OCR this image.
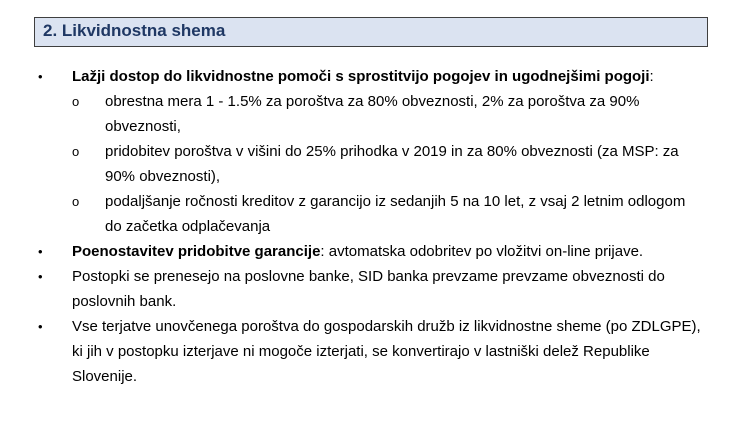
2. Likvidnostna shema
• Lažji dostop do likvidnostne pomoči s sprostitvijo pogojev in ugodnejšimi pogoji:
o obrestna mera 1 - 1.5% za poroštva za 80% obveznosti, 2% za poroštva za 90% obveznosti,
o pridobitev poroštva v višini do 25% prihodka v 2019 in za 80% obveznosti (za MSP: za 90% obveznosti),
o podaljšanje ročnosti kreditov z garancijo iz sedanjih 5 na 10 let, z vsaj 2 letnim odlogom do začetka odplačevanja
• Poenostavitev pridobitve garancije: avtomatska odobritev po vložitvi on-line prijave.
• Postopki se prenesejo na poslovne banke, SID banka prevzame prevzame obveznosti do poslovnih bank.
• Vse terjatve unovčenega poroštva do gospodarskih družb iz likvidnostne sheme (po ZDLGPE), ki jih v postopku izterjave ni mogoče izterjati, se konvertirajo v lastniški delež Republike Slovenije.
